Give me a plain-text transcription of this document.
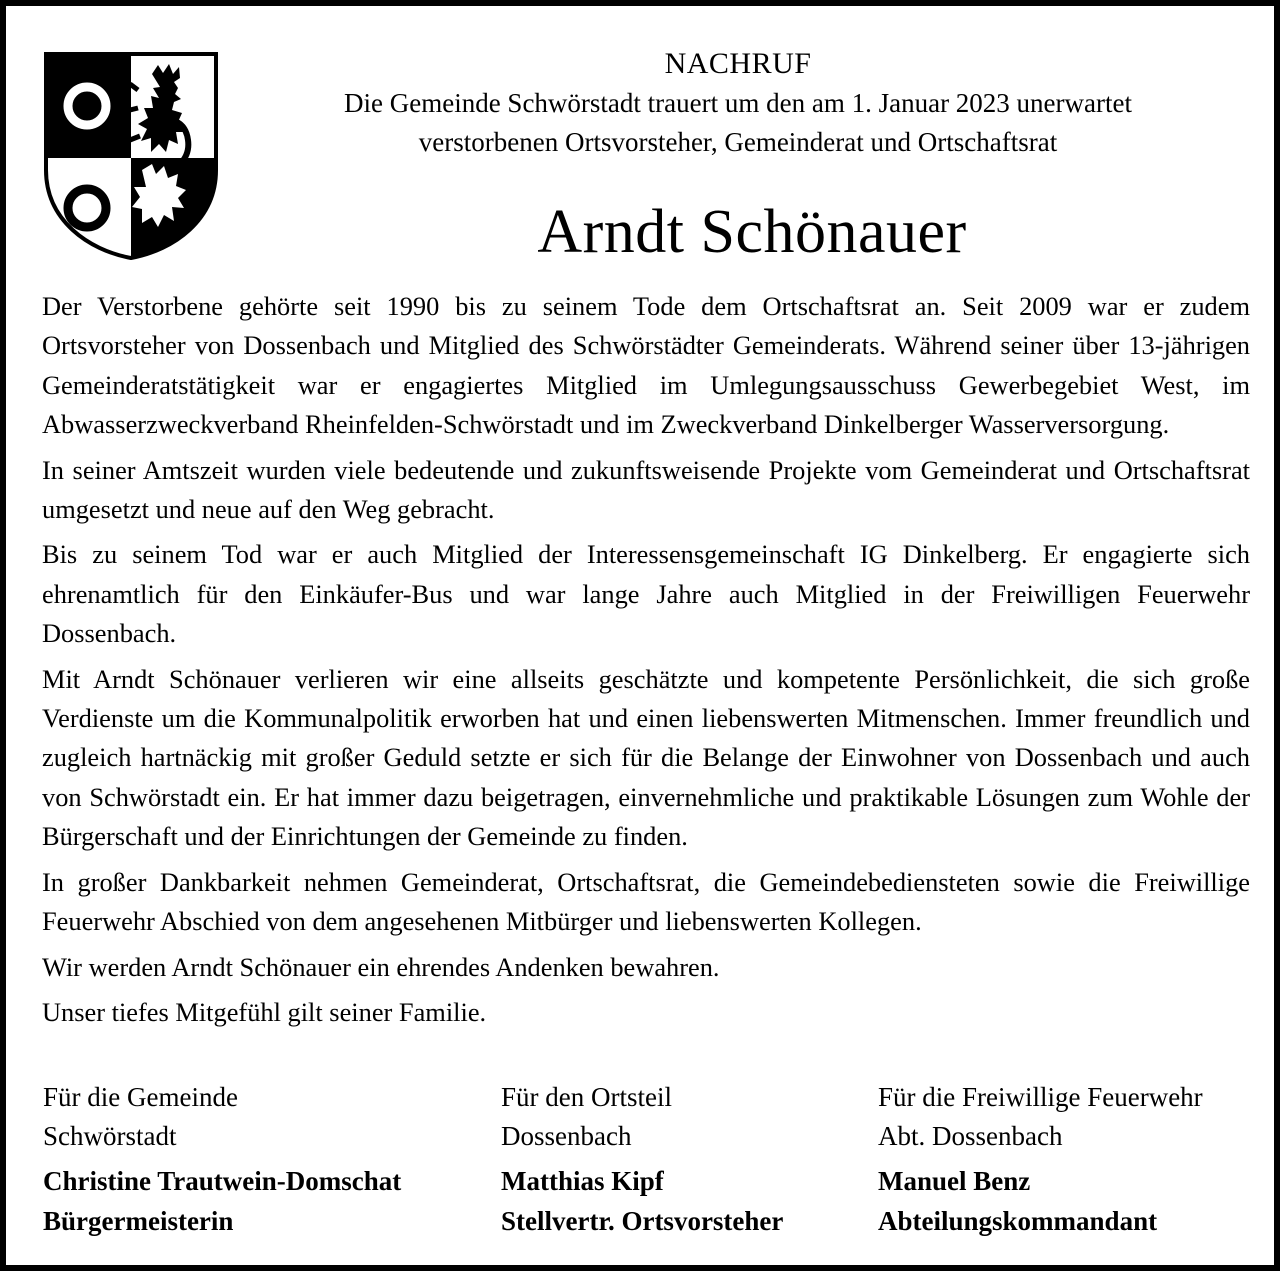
NACHRUF
Die Gemeinde Schwörstadt trauert um den am 1. Januar 2023 unerwartet
verstorbenen Ortsvorsteher, Gemeinderat und Ortschaftsrat
Arndt Schönauer

Der Verstorbene gehörte seit 1990 bis zu seinem Tode dem Ortschaftsrat an. Seit 2009 war er zudem Ortsvorsteher von Dossenbach und Mitglied des Schwörstädter Gemeinderats. Während seiner über 13-jährigen Gemeinderatstätigkeit war er engagiertes Mitglied im Umlegungsausschuss Gewerbegebiet West, im Abwasserzweckverband Rheinfelden-Schwörstadt und im Zweckverband Dinkelberger Wasserversorgung.

In seiner Amtszeit wurden viele bedeutende und zukunftsweisende Projekte vom Gemeinderat und Ortschaftsrat umgesetzt und neue auf den Weg gebracht.

Bis zu seinem Tod war er auch Mitglied der Interessensgemeinschaft IG Dinkelberg. Er engagierte sich ehrenamtlich für den Einkäufer-Bus und war lange Jahre auch Mitglied in der Freiwilligen Feuerwehr Dossenbach.

Mit Arndt Schönauer verlieren wir eine allseits geschätzte und kompetente Persönlichkeit, die sich große Verdienste um die Kommunalpolitik erworben hat und einen liebenswerten Mitmenschen. Immer freundlich und zugleich hartnäckig mit großer Geduld setzte er sich für die Belange der Einwohner von Dossenbach und auch von Schwörstadt ein. Er hat immer dazu beigetragen, einvernehmliche und praktikable Lösungen zum Wohle der Bürgerschaft und der Einrichtungen der Gemeinde zu finden.

In großer Dankbarkeit nehmen Gemeinderat, Ortschaftsrat, die Gemeindebediensteten sowie die Freiwillige Feuerwehr Abschied von dem angesehenen Mitbürger und liebenswerten Kollegen.

Wir werden Arndt Schönauer ein ehrendes Andenken bewahren.

Unser tiefes Mitgefühl gilt seiner Familie.

Für die Gemeinde
Schwörstadt
Christine Trautwein-Domschat
Bürgermeisterin
Für den Ortsteil
Dossenbach
Matthias Kipf
Stellvertr. Ortsvorsteher
Für die Freiwillige Feuerwehr
Abt. Dossenbach
Manuel Benz
Abteilungskommandant
